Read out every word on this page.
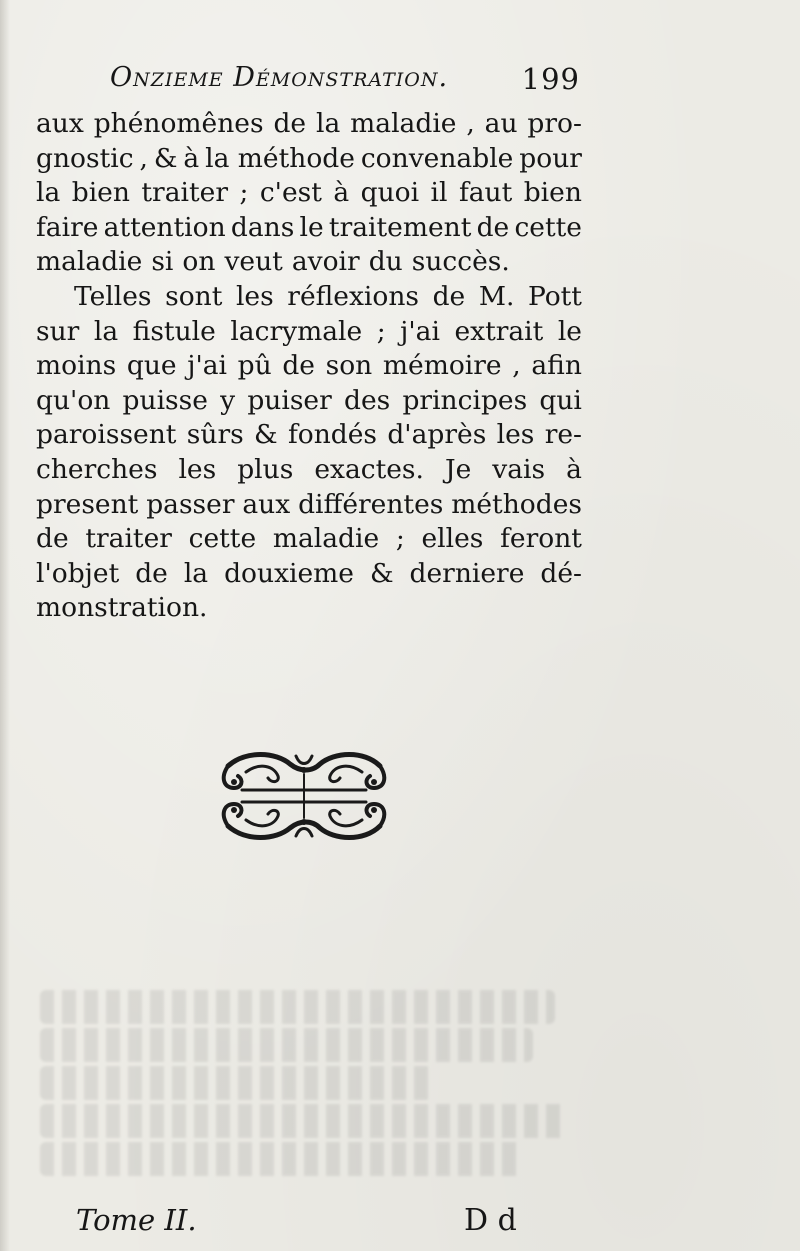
Onzieme Démonstration.	199
aux phénomênes de la maladie , au pro-
gnostic , & à la méthode convenable pour
la bien traiter ; c'est à quoi il faut bien
faire attention dans le traitement de cette
maladie si on veut avoir du succès.
Telles sont les réflexions de M. Pott
sur la fistule lacrymale ; j'ai extrait le
moins que j'ai pû de son mémoire , afin
qu'on puisse y puiser des principes qui
paroissent sûrs & fondés d'après les re-
cherches les plus exactes. Je vais à
present passer aux différentes méthodes
de traiter cette maladie ; elles feront
l'objet de la douxieme & derniere dé-
monstration.
Tome II.	D d
